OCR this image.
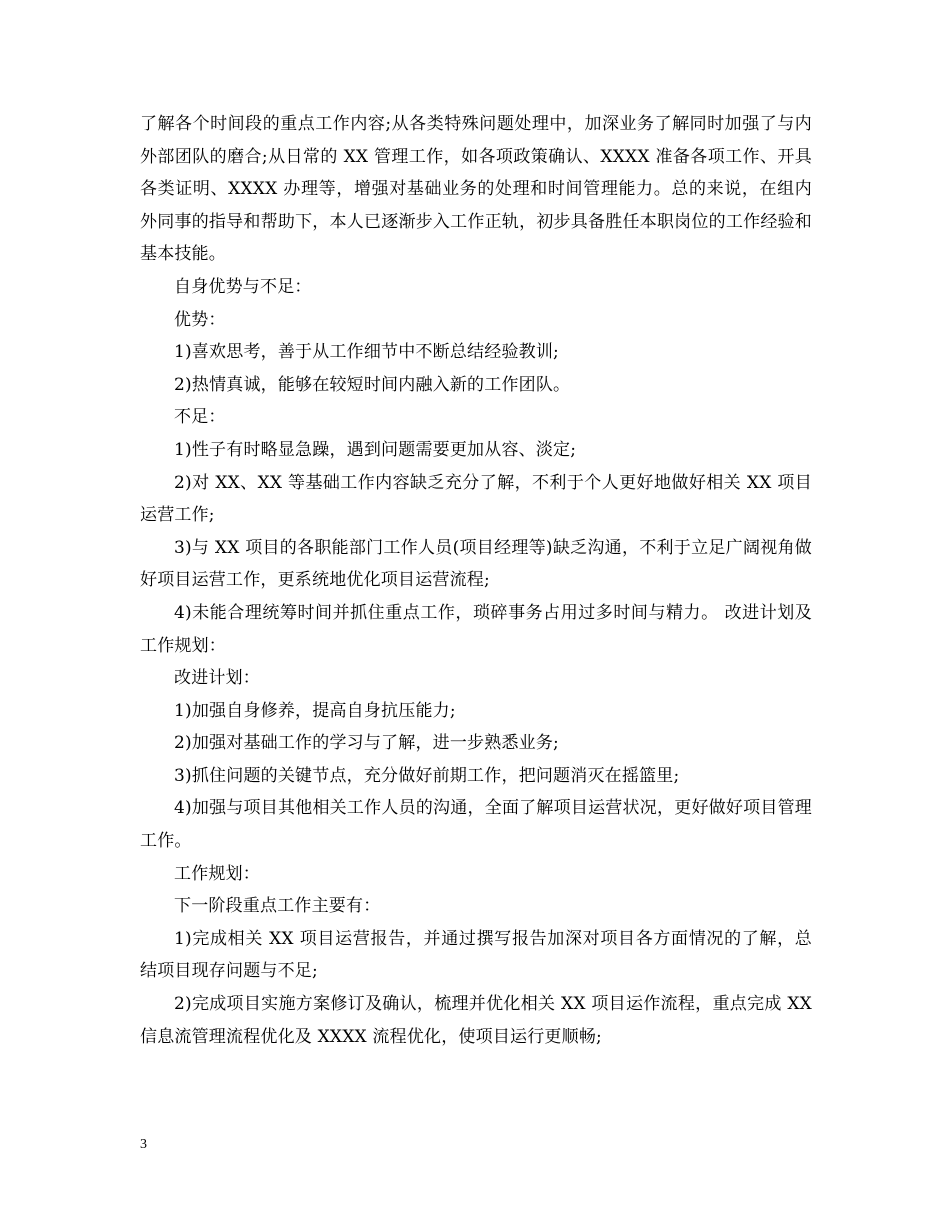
了解各个时间段的重点工作内容;从各类特殊问题处理中，加深业务了解同时加强了与内外部团队的磨合;从日常的 XX 管理工作，如各项政策确认、XXXX 准备各项工作、开具各类证明、XXXX 办理等，增强对基础业务的处理和时间管理能力。总的来说，在组内外同事的指导和帮助下，本人已逐渐步入工作正轨，初步具备胜任本职岗位的工作经验和基本技能。

自身优势与不足：

优势：

1)喜欢思考，善于从工作细节中不断总结经验教训;

2)热情真诚，能够在较短时间内融入新的工作团队。

不足：

1)性子有时略显急躁，遇到问题需要更加从容、淡定;

2)对 XX、XX 等基础工作内容缺乏充分了解，不利于个人更好地做好相关 XX 项目运营工作;

3)与 XX 项目的各职能部门工作人员(项目经理等)缺乏沟通，不利于立足广阔视角做好项目运营工作，更系统地优化项目运营流程;

4)未能合理统筹时间并抓住重点工作，琐碎事务占用过多时间与精力。 改进计划及工作规划：

改进计划：

1)加强自身修养，提高自身抗压能力;

2)加强对基础工作的学习与了解，进一步熟悉业务;

3)抓住问题的关键节点，充分做好前期工作，把问题消灭在摇篮里;

4)加强与项目其他相关工作人员的沟通，全面了解项目运营状况，更好做好项目管理工作。

工作规划：

下一阶段重点工作主要有：

1)完成相关 XX 项目运营报告，并通过撰写报告加深对项目各方面情况的了解，总结项目现存问题与不足;

2)完成项目实施方案修订及确认，梳理并优化相关 XX 项目运作流程，重点完成 XX 信息流管理流程优化及 XXXX 流程优化，使项目运行更顺畅;

3
